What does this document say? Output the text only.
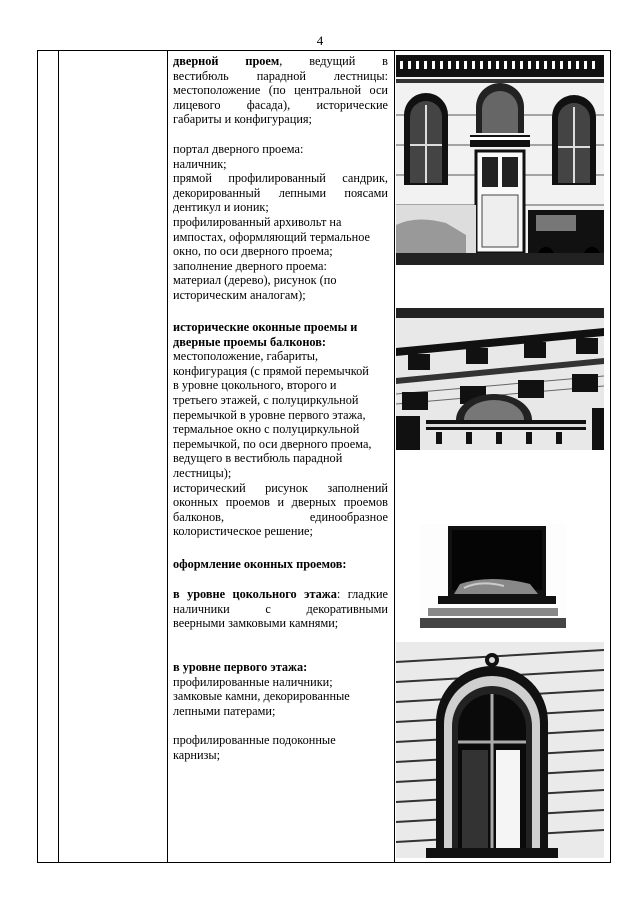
4
дверной проем, ведущий в
вестибюль парадной лестницы:
местоположение (по центральной оси
лицевого фасада), исторические
габариты и конфигурация;
портал дверного проема:
наличник;
прямой профилированный сандрик,
декорированный лепными поясами
дентикул и ионик;
профилированный архивольт на
импостах, оформляющий термальное
окно, по оси дверного проема;
заполнение дверного проема:
материал (дерево), рисунок (по
историческим аналогам);
исторические оконные проемы и
дверные проемы балконов:
местоположение, габариты,
конфигурация (с прямой перемычкой
в уровне цокольного, второго и
третьего этажей, с полуциркульной
перемычкой в уровне первого этажа,
термальное окно с полуциркульной
перемычкой, по оси дверного проема,
ведущего в вестибюль парадной
лестницы);
исторический рисунок заполнений
оконных проемов и дверных проемов
балконов, единообразное
колористическое решение;
оформление оконных проемов:
в уровне цокольного этажа: гладкие
наличники с декоративными
веерными замковыми камнями;
в уровне первого этажа:
профилированные наличники;
замковые камни, декорированные
лепными патерами;
профилированные подоконные
карнизы;
